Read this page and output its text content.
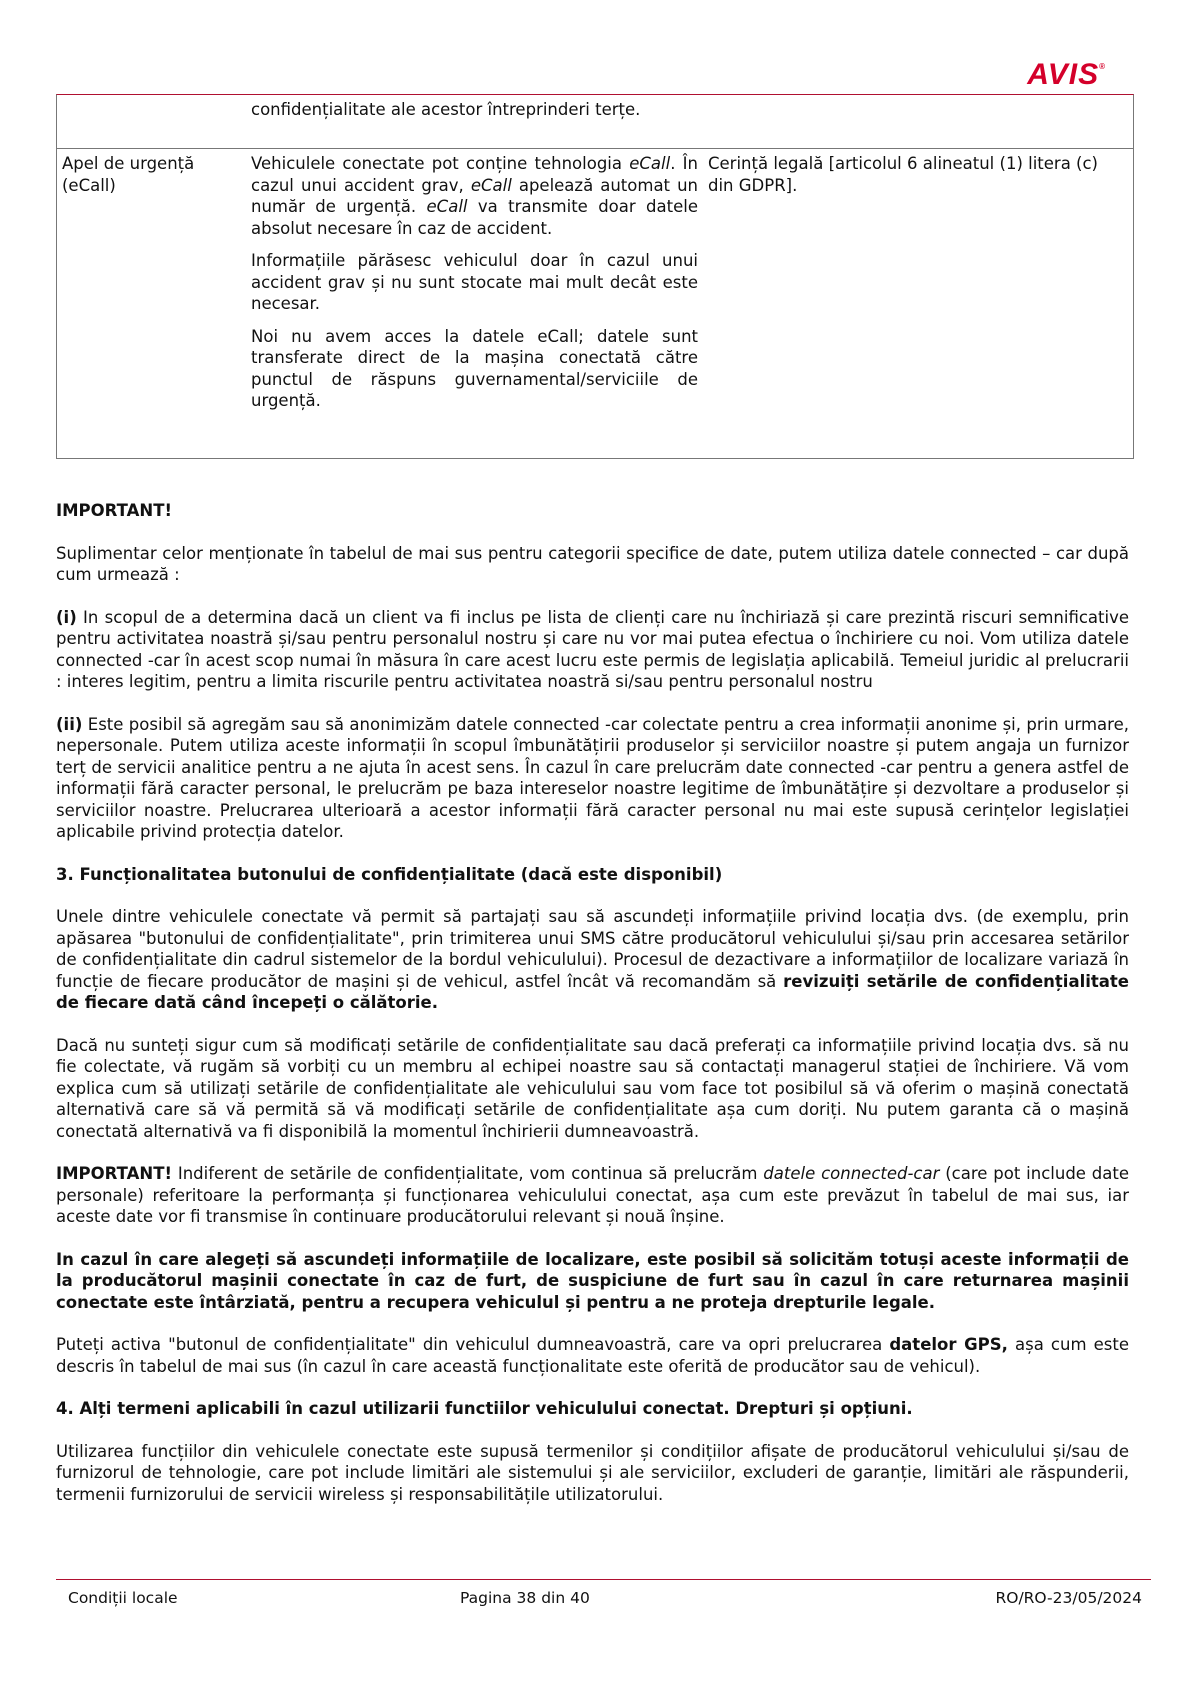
AVIS®
confidențialitate ale acestor întreprinderi terțe.
Apel de urgență (eCall)

Vehiculele conectate pot conține tehnologia eCall. În cazul unui accident grav, eCall apelează automat un număr de urgență. eCall va transmite doar datele absolut necesare în caz de accident.

Informațiile părăsesc vehiculul doar în cazul unui accident grav și nu sunt stocate mai mult decât este necesar.

Noi nu avem acces la datele eCall; datele sunt transferate direct de la mașina conectată către punctul de răspuns guvernamental/serviciile de urgență.

Cerință legală [articolul 6 alineatul (1) litera (c) din GDPR].
IMPORTANT!

Suplimentar celor menționate în tabelul de mai sus pentru categorii specifice de date, putem utiliza datele connected – car după cum urmează :

(i) In scopul de a determina dacă un client va fi inclus pe lista de clienți care nu închiriază și care prezintă riscuri semnificative pentru activitatea noastră și/sau pentru personalul nostru și care nu vor mai putea efectua o închiriere cu noi. Vom utiliza datele connected -car în acest scop numai în măsura în care acest lucru este permis de legislația aplicabilă. Temeiul juridic al prelucrarii : interes legitim, pentru a limita riscurile pentru activitatea noastră si/sau pentru personalul nostru

(ii) Este posibil să agregăm sau să anonimizăm datele connected -car colectate pentru a crea informații anonime și, prin urmare, nepersonale. Putem utiliza aceste informații în scopul îmbunătățirii produselor și serviciilor noastre și putem angaja un furnizor terț de servicii analitice pentru a ne ajuta în acest sens. În cazul în care prelucrăm date connected -car pentru a genera astfel de informații fără caracter personal, le prelucrăm pe baza intereselor noastre legitime de îmbunătățire și dezvoltare a produselor și serviciilor noastre. Prelucrarea ulterioară a acestor informații fără caracter personal nu mai este supusă cerințelor legislației aplicabile privind protecția datelor.

3. Funcționalitatea butonului de confidențialitate (dacă este disponibil)

Unele dintre vehiculele conectate vă permit să partajați sau să ascundeți informațiile privind locația dvs. (de exemplu, prin apăsarea "butonului de confidențialitate", prin trimiterea unui SMS către producătorul vehiculului și/sau prin accesarea setărilor de confidențialitate din cadrul sistemelor de la bordul vehiculului). Procesul de dezactivare a informațiilor de localizare variază în funcție de fiecare producător de mașini și de vehicul, astfel încât vă recomandăm să revizuiți setările de confidențialitate de fiecare dată când începeți o călătorie.

Dacă nu sunteți sigur cum să modificați setările de confidențialitate sau dacă preferați ca informațiile privind locația dvs. să nu fie colectate, vă rugăm să vorbiți cu un membru al echipei noastre sau să contactați managerul stației de închiriere. Vă vom explica cum să utilizați setările de confidențialitate ale vehiculului sau vom face tot posibilul să vă oferim o mașină conectată alternativă care să vă permită să vă modificați setările de confidențialitate așa cum doriți. Nu putem garanta că o mașină conectată alternativă va fi disponibilă la momentul închirierii dumneavoastră.

IMPORTANT! Indiferent de setările de confidențialitate, vom continua să prelucrăm datele connected-car (care pot include date personale) referitoare la performanța și funcționarea vehiculului conectat, așa cum este prevăzut în tabelul de mai sus, iar aceste date vor fi transmise în continuare producătorului relevant și nouă înșine.

In cazul în care alegeți să ascundeți informațiile de localizare, este posibil să solicităm totuși aceste informații de la producătorul mașinii conectate în caz de furt, de suspiciune de furt sau în cazul în care returnarea mașinii conectate este întârziată, pentru a recupera vehiculul și pentru a ne proteja drepturile legale.

Puteți activa "butonul de confidențialitate" din vehiculul dumneavoastră, care va opri prelucrarea datelor GPS, așa cum este descris în tabelul de mai sus (în cazul în care această funcționalitate este oferită de producător sau de vehicul).

4. Alți termeni aplicabili în cazul utilizarii functiilor vehiculului conectat. Drepturi și opțiuni.

Utilizarea funcțiilor din vehiculele conectate este supusă termenilor și condițiilor afișate de producătorul vehiculului și/sau de furnizorul de tehnologie, care pot include limitări ale sistemului și ale serviciilor, excluderi de garanție, limitări ale răspunderii, termenii furnizorului de servicii wireless și responsabilitățile utilizatorului.

Condiții locale	Pagina 38 din 40	RO/RO-23/05/2024
